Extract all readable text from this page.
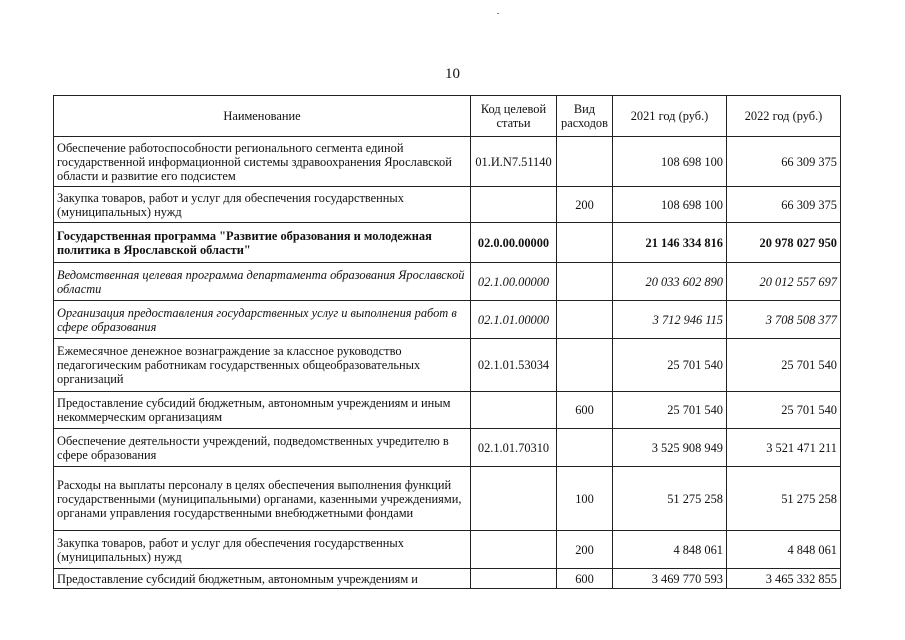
10
Наименование	Код целевой статьи	Вид расходов	2021 год (руб.)	2022 год (руб.)
Обеспечение работоспособности регионального сегмента единой государственной информационной системы здравоохранения Ярославской области и развитие его подсистем	01.И.N7.51140		108 698 100	66 309 375
Закупка товаров, работ и услуг для обеспечения государственных (муниципальных) нужд		200	108 698 100	66 309 375
Государственная программа "Развитие образования и молодежная политика в Ярославской области"	02.0.00.00000		21 146 334 816	20 978 027 950
Ведомственная целевая программа департамента образования Ярославской области	02.1.00.00000		20 033 602 890	20 012 557 697
Организация предоставления государственных услуг и выполнения работ в сфере образования	02.1.01.00000		3 712 946 115	3 708 508 377
Ежемесячное денежное вознаграждение за классное руководство педагогическим работникам государственных общеобразовательных организаций	02.1.01.53034		25 701 540	25 701 540
Предоставление субсидий бюджетным, автономным учреждениям и иным некоммерческим организациям		600	25 701 540	25 701 540
Обеспечение деятельности учреждений, подведомственных учредителю в сфере образования	02.1.01.70310		3 525 908 949	3 521 471 211
Расходы на выплаты персоналу в целях обеспечения выполнения функций государственными (муниципальными) органами, казенными учреждениями, органами управления государственными внебюджетными фондами		100	51 275 258	51 275 258
Закупка товаров, работ и услуг для обеспечения государственных (муниципальных) нужд		200	4 848 061	4 848 061
Предоставление субсидий бюджетным, автономным учреждениям и		600	3 469 770 593	3 465 332 855
